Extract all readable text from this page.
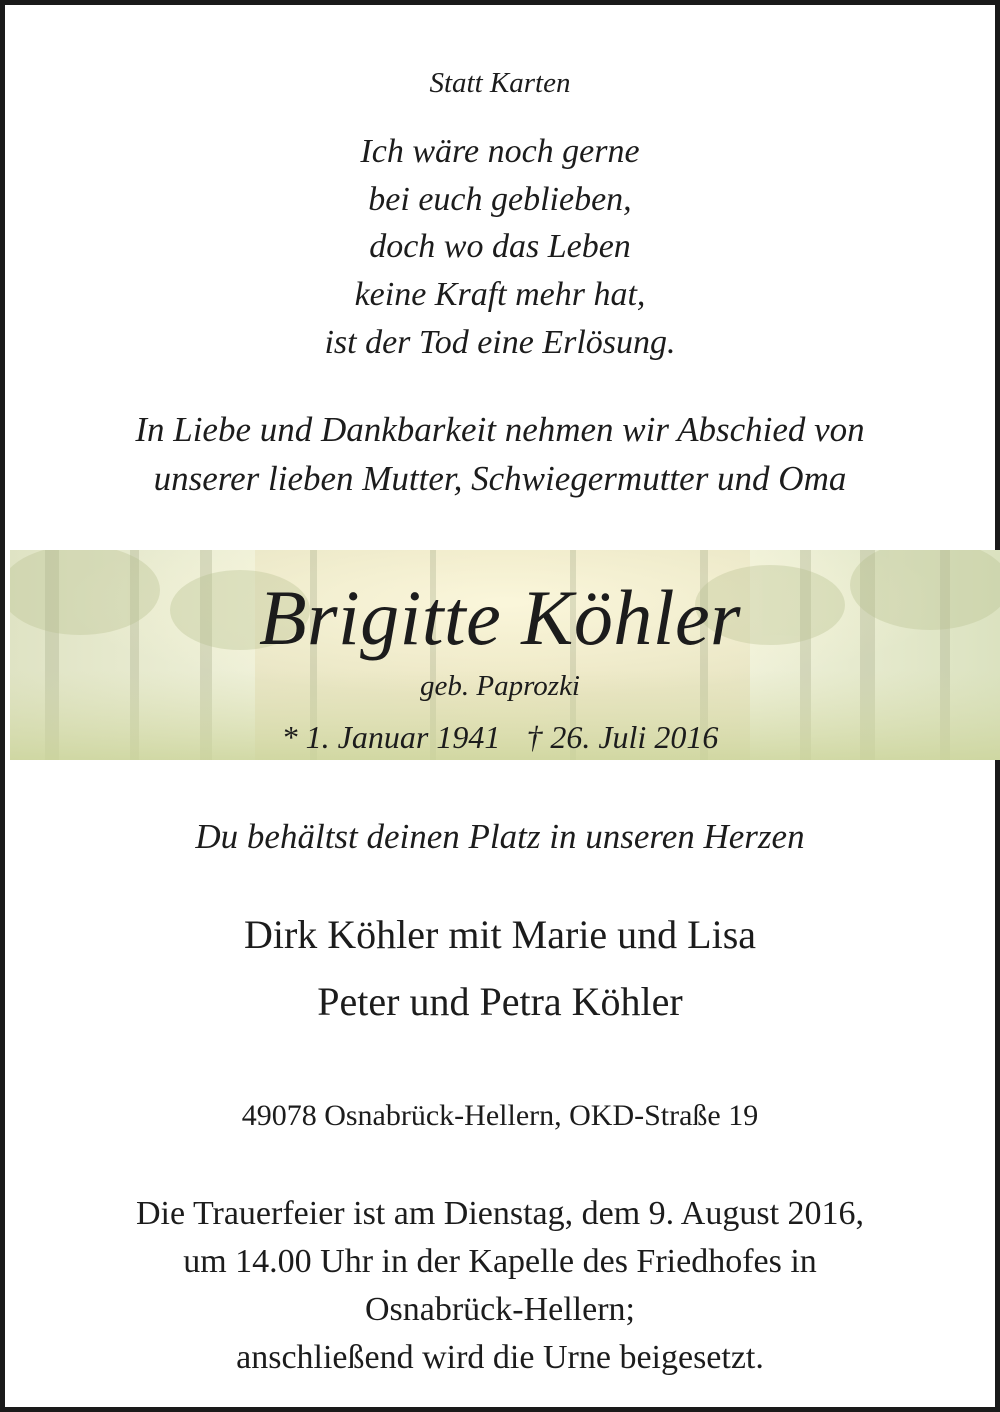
Statt Karten
Ich wäre noch gerne
bei euch geblieben,
doch wo das Leben
keine Kraft mehr hat,
ist der Tod eine Erlösung.
In Liebe und Dankbarkeit nehmen wir Abschied von
unserer lieben Mutter, Schwiegermutter und Oma
Brigitte Köhler
geb. Paprozki
* 1. Januar 1941 † 26. Juli 2016
Du behältst deinen Platz in unseren Herzen
Dirk Köhler mit Marie und Lisa
Peter und Petra Köhler
49078 Osnabrück-Hellern, OKD-Straße 19
Die Trauerfeier ist am Dienstag, dem 9. August 2016,
um 14.00 Uhr in der Kapelle des Friedhofes in
Osnabrück-Hellern;
anschließend wird die Urne beigesetzt.
